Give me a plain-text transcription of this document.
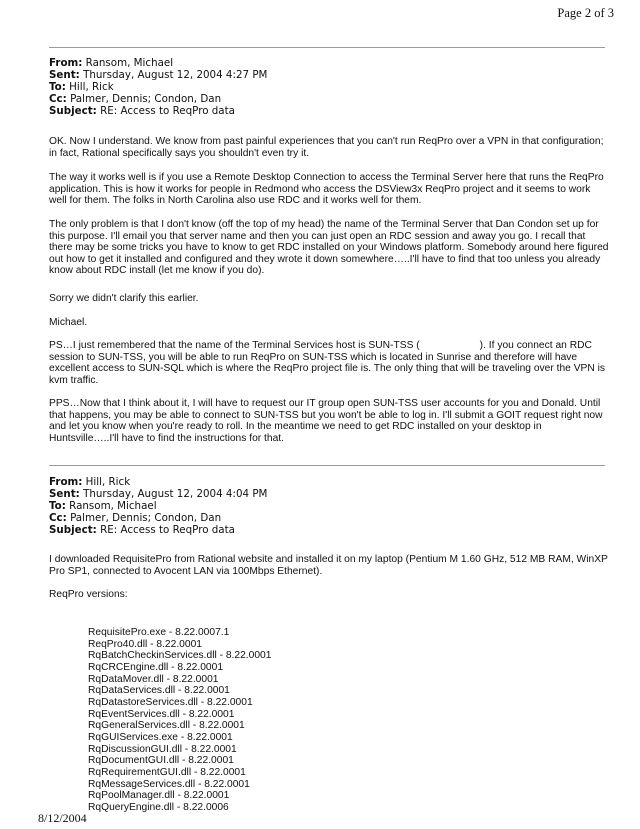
Page 2 of 3
From: Ransom, Michael
Sent: Thursday, August 12, 2004 4:27 PM
To: Hill, Rick
Cc: Palmer, Dennis; Condon, Dan
Subject: RE: Access to ReqPro data

OK. Now I understand. We know from past painful experiences that you can't run ReqPro over a VPN in that configuration; in fact, Rational specifically says you shouldn't even try it.

The way it works well is if you use a Remote Desktop Connection to access the Terminal Server here that runs the ReqPro application. This is how it works for people in Redmond who access the DSView3x ReqPro project and it seems to work well for them. The folks in North Carolina also use RDC and it works well for them.

The only problem is that I don't know (off the top of my head) the name of the Terminal Server that Dan Condon set up for this purpose. I'll email you that server name and then you can just open an RDC session and away you go. I recall that there may be some tricks you have to know to get RDC installed on your Windows platform. Somebody around here figured out how to get it installed and configured and they wrote it down somewhere…..I'll have to find that too unless you already know about RDC install (let me know if you do).

Sorry we didn't clarify this earlier.

Michael.

PS…I just remembered that the name of the Terminal Services host is SUN-TSS (	). If you connect an RDC session to SUN-TSS, you will be able to run ReqPro on SUN-TSS which is located in Sunrise and therefore will have excellent access to SUN-SQL which is where the ReqPro project file is. The only thing that will be traveling over the VPN is kvm traffic.

PPS…Now that I think about it, I will have to request our IT group open SUN-TSS user accounts for you and Donald. Until that happens, you may be able to connect to SUN-TSS but you won't be able to log in. I'll submit a GOIT request right now and let you know when you're ready to roll. In the meantime we need to get RDC installed on your desktop in Huntsville…..I'll have to find the instructions for that.

From: Hill, Rick
Sent: Thursday, August 12, 2004 4:04 PM
To: Ransom, Michael
Cc: Palmer, Dennis; Condon, Dan
Subject: RE: Access to ReqPro data

I downloaded RequisitePro from Rational website and installed it on my laptop (Pentium M 1.60 GHz, 512 MB RAM, WinXP Pro SP1, connected to Avocent LAN via 100Mbps Ethernet).

ReqPro versions:

RequisitePro.exe - 8.22.0007.1
ReqPro40.dll - 8.22.0001
RqBatchCheckinServices.dll - 8.22.0001
RqCRCEngine.dll - 8.22.0001
RqDataMover.dll - 8.22.0001
RqDataServices.dll - 8.22.0001
RqDatastoreServices.dll - 8.22.0001
RqEventServices.dll - 8.22.0001
RqGeneralServices.dll - 8.22.0001
RqGUIServices.exe - 8.22.0001
RqDiscussionGUI.dll - 8.22.0001
RqDocumentGUI.dll - 8.22.0001
RqRequirementGUI.dll - 8.22.0001
RqMessageServices.dll - 8.22.0001
RqPoolManager.dll - 8.22.0001
RqQueryEngine.dll - 8.22.0006
8/12/2004
